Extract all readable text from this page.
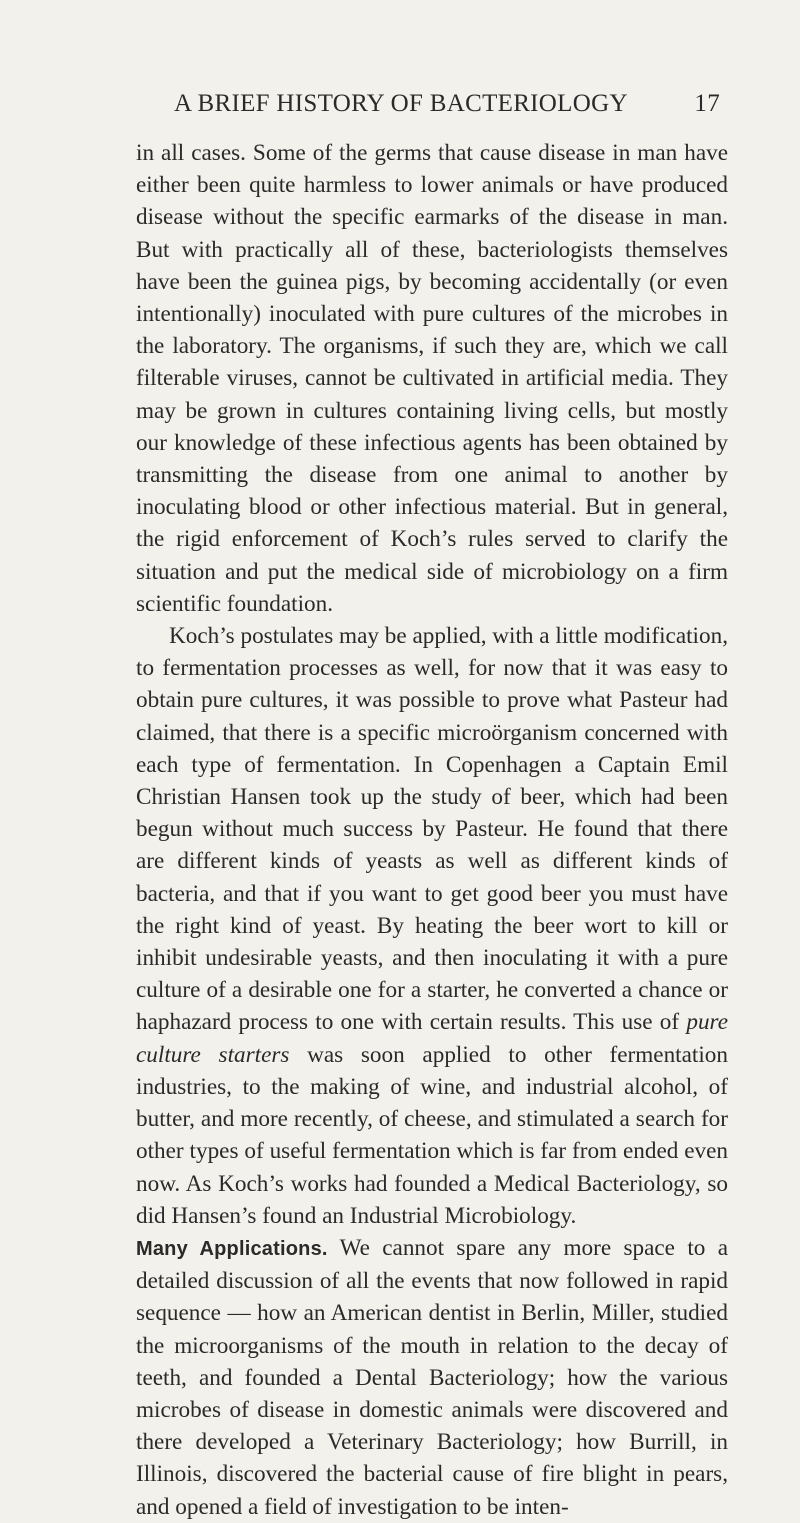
A BRIEF HISTORY OF BACTERIOLOGY	17

in all cases. Some of the germs that cause disease in man have either been quite harmless to lower animals or have produced disease without the specific earmarks of the disease in man. But with practically all of these, bacteriologists themselves have been the guinea pigs, by becoming accidentally (or even intentionally) inoculated with pure cultures of the microbes in the laboratory. The organisms, if such they are, which we call filterable viruses, cannot be cultivated in artificial media. They may be grown in cultures containing living cells, but mostly our knowledge of these infectious agents has been obtained by transmitting the disease from one animal to another by inoculating blood or other infectious material. But in general, the rigid enforcement of Koch’s rules served to clarify the situation and put the medical side of microbiology on a firm scientific foundation.

Koch’s postulates may be applied, with a little modification, to fermentation processes as well, for now that it was easy to obtain pure cultures, it was possible to prove what Pasteur had claimed, that there is a specific microörganism concerned with each type of fermentation. In Copenhagen a Captain Emil Christian Hansen took up the study of beer, which had been begun without much success by Pasteur. He found that there are different kinds of yeasts as well as different kinds of bacteria, and that if you want to get good beer you must have the right kind of yeast. By heating the beer wort to kill or inhibit undesirable yeasts, and then inoculating it with a pure culture of a desirable one for a starter, he converted a chance or haphazard process to one with certain results. This use of pure culture starters was soon applied to other fermentation industries, to the making of wine, and industrial alcohol, of butter, and more recently, of cheese, and stimulated a search for other types of useful fermentation which is far from ended even now. As Koch’s works had founded a Medical Bacteriology, so did Hansen’s found an Industrial Microbiology.

Many Applications. We cannot spare any more space to a detailed discussion of all the events that now followed in rapid sequence — how an American dentist in Berlin, Miller, studied the microorganisms of the mouth in relation to the decay of teeth, and founded a Dental Bacteriology; how the various microbes of disease in domestic animals were discovered and there developed a Veterinary Bacteriology; how Burrill, in Illinois, discovered the bacterial cause of fire blight in pears, and opened a field of investigation to be inten-
